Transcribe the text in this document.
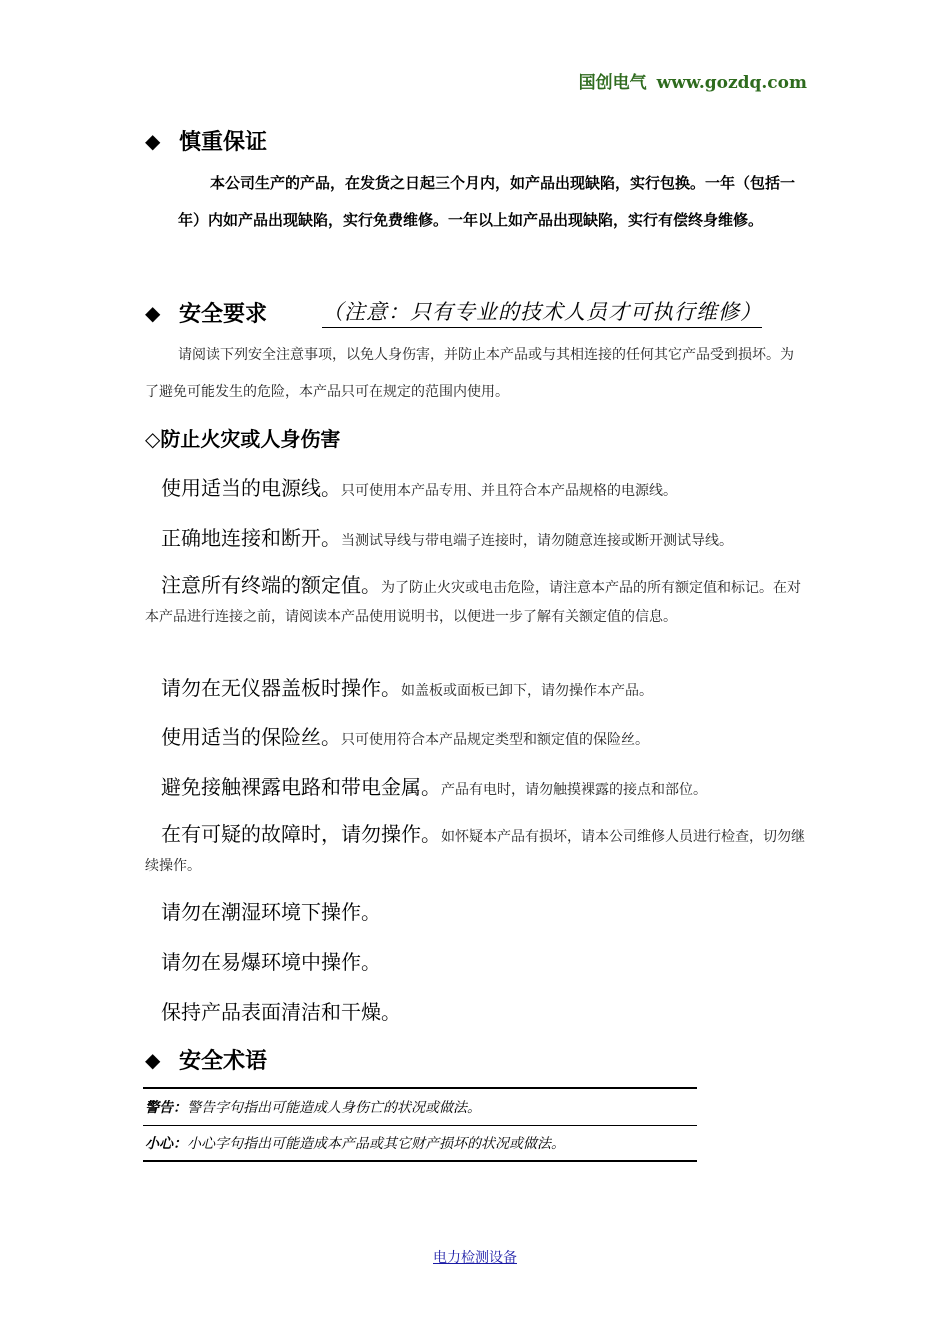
国创电气 www.gozdq.com
◆ 慎重保证
本公司生产的产品，在发货之日起三个月内，如产品出现缺陷，实行包换。一年（包括一年）内如产品出现缺陷，实行免费维修。一年以上如产品出现缺陷，实行有偿终身维修。
◆ 安全要求	（注意：只有专业的技术人员才可执行维修）
请阅读下列安全注意事项，以免人身伤害，并防止本产品或与其相连接的任何其它产品受到损坏。为了避免可能发生的危险，本产品只可在规定的范围内使用。
◇防止火灾或人身伤害
使用适当的电源线。只可使用本产品专用、并且符合本产品规格的电源线。
正确地连接和断开。当测试导线与带电端子连接时，请勿随意连接或断开测试导线。
注意所有终端的额定值。为了防止火灾或电击危险，请注意本产品的所有额定值和标记。在对本产品进行连接之前，请阅读本产品使用说明书，以便进一步了解有关额定值的信息。
请勿在无仪器盖板时操作。如盖板或面板已卸下，请勿操作本产品。
使用适当的保险丝。只可使用符合本产品规定类型和额定值的保险丝。
避免接触裸露电路和带电金属。产品有电时，请勿触摸裸露的接点和部位。
在有可疑的故障时，请勿操作。如怀疑本产品有损坏，请本公司维修人员进行检查，切勿继续操作。
请勿在潮湿环境下操作。
请勿在易爆环境中操作。
保持产品表面清洁和干燥。
◆ 安全术语
警告： 警告字句指出可能造成人身伤亡的状况或做法。
小心： 小心字句指出可能造成本产品或其它财产损坏的状况或做法。
电力检测设备
